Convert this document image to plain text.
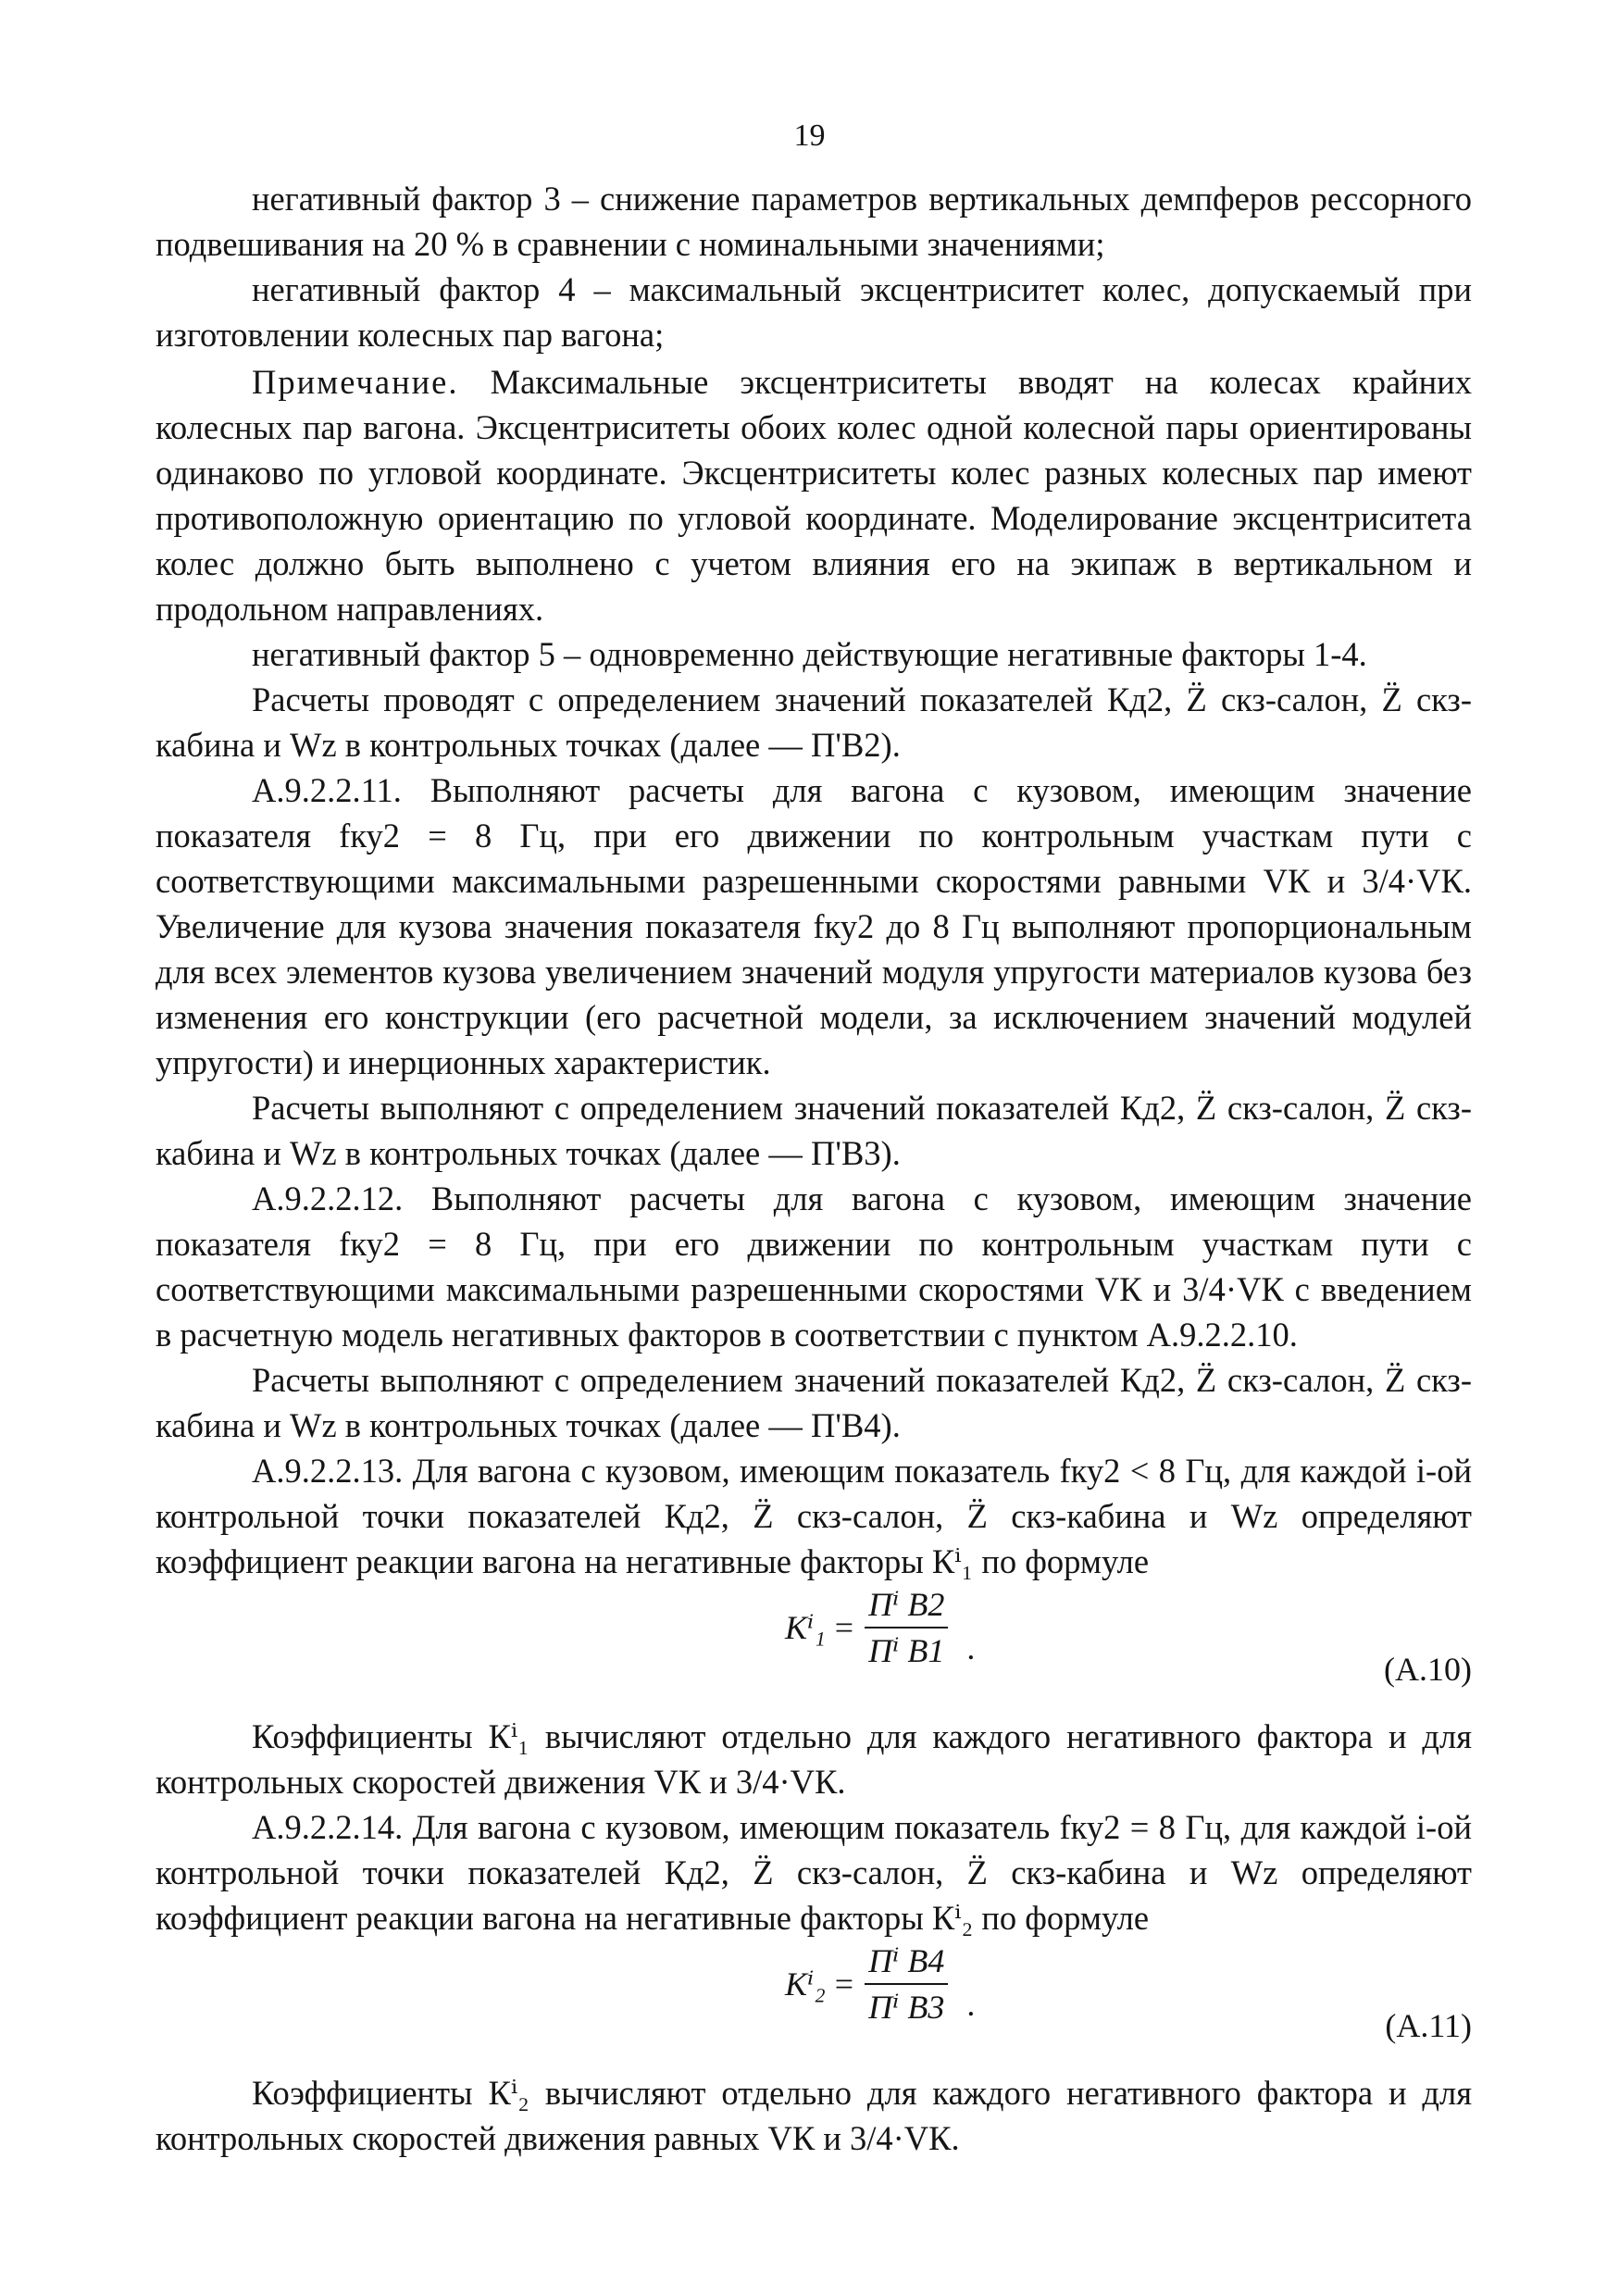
19

негативный фактор 3 – снижение параметров вертикальных демпферов рессорного подвешивания на 20 % в сравнении с номинальными значениями;

негативный фактор 4 – максимальный эксцентриситет колес, допускаемый при изготовлении колесных пар вагона;

Примечание. Максимальные эксцентриситеты вводят на колесах крайних колесных пар вагона. Эксцентриситеты обоих колес одной колесной пары ориентированы одинаково по угловой координате. Эксцентриситеты колес разных колесных пар имеют противоположную ориентацию по угловой координате. Моделирование эксцентриситета колес должно быть выполнено с учетом влияния его на экипаж в вертикальном и продольном направлениях.

негативный фактор 5 – одновременно действующие негативные факторы 1-4.

Расчеты проводят с определением значений показателей Кд2, Z̈ скз-салон, Z̈ скз-кабина и Wz в контрольных точках (далее — П'В2).

А.9.2.2.11. Выполняют расчеты для вагона с кузовом, имеющим значение показателя fку2 = 8 Гц, при его движении по контрольным участкам пути с соответствующими максимальными разрешенными скоростями равными VК и 3/4·VК. Увеличение для кузова значения показателя fку2 до 8 Гц выполняют пропорциональным для всех элементов кузова увеличением значений модуля упругости материалов кузова без изменения его конструкции (его расчетной модели, за исключением значений модулей упругости) и инерционных характеристик.

Расчеты выполняют с определением значений показателей Кд2, Z̈ скз-салон, Z̈ скз-кабина и Wz в контрольных точках (далее — П'В3).

А.9.2.2.12. Выполняют расчеты для вагона с кузовом, имеющим значение показателя fку2 = 8 Гц, при его движении по контрольным участкам пути с соответствующими максимальными разрешенными скоростями VК и 3/4·VК с введением в расчетную модель негативных факторов в соответствии с пунктом А.9.2.2.10.

Расчеты выполняют с определением значений показателей Кд2, Z̈ скз-салон, Z̈ скз-кабина и Wz в контрольных точках (далее — П'В4).

А.9.2.2.13. Для вагона с кузовом, имеющим показатель fку2 < 8 Гц, для каждой i-ой контрольной точки показателей Кд2, Z̈ скз-салон, Z̈ скз-кабина и Wz определяют коэффициент реакции вагона на негативные факторы Кⁱ₁ по формуле

$K^i_1 = \frac{\text{Пⁱ В2}}{\text{Пⁱ В1}}$ .
(А.10)

Коэффициенты Кⁱ₁ вычисляют отдельно для каждого негативного фактора и для контрольных скоростей движения VК и 3/4·VК.

А.9.2.2.14. Для вагона с кузовом, имеющим показатель fку2 = 8 Гц, для каждой i-ой контрольной точки показателей Кд2, Z̈ скз-салон, Z̈ скз-кабина и Wz определяют коэффициент реакции вагона на негативные факторы Кⁱ₂ по формуле

$K^i_2 = \frac{\text{Пⁱ В4}}{\text{Пⁱ В3}}$ .
(А.11)

Коэффициенты Кⁱ₂ вычисляют отдельно для каждого негативного фактора и для контрольных скоростей движения равных VК и 3/4·VК.
